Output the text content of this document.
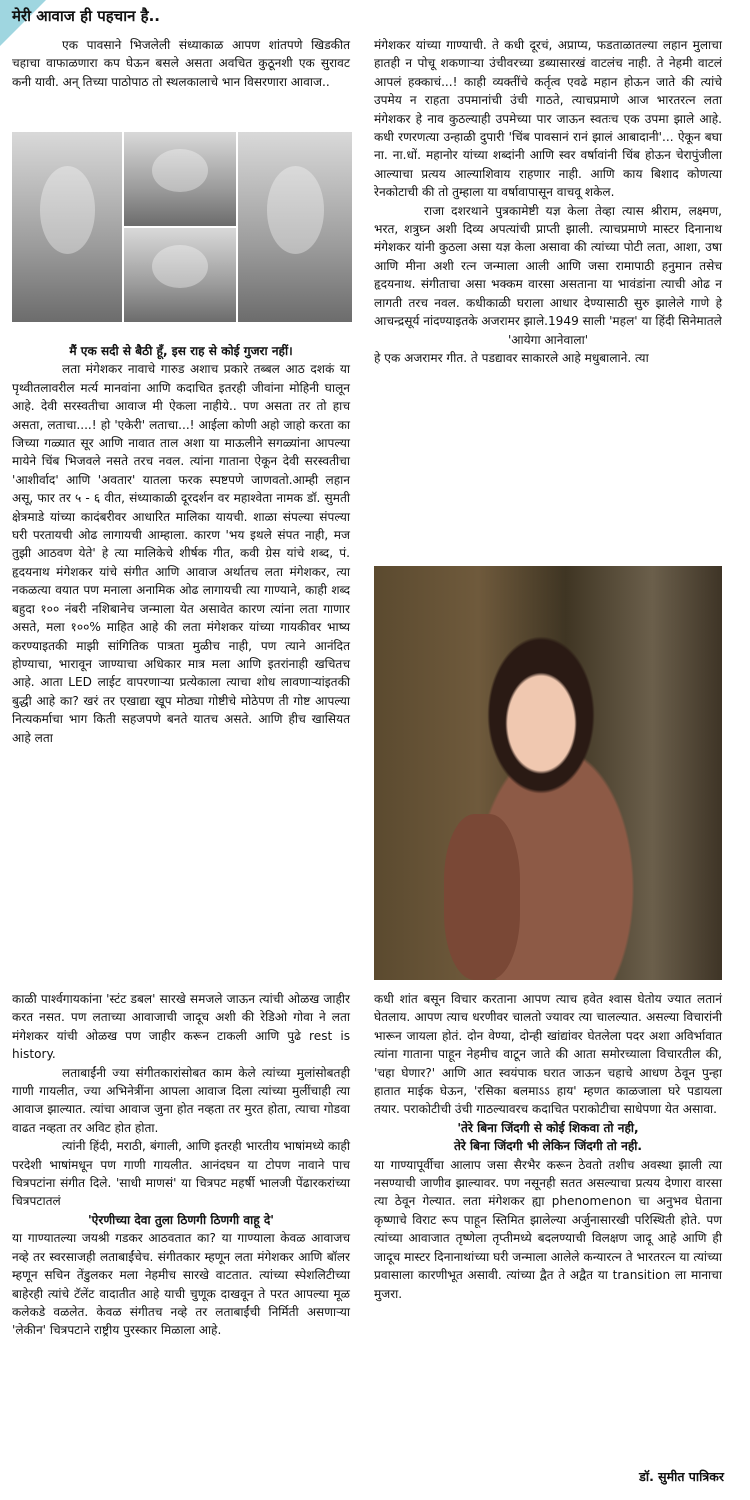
मेरी आवाज ही पहचान है..

एक पावसाने भिजलेली संध्याकाळ आपण शांतपणे खिडकीत चहाचा वाफाळणारा कप घेऊन बसले असता अवचित कुठूनशी एक सुरावट कनी यावी. अन् तिच्या पाठोपाठ तो स्थलकालाचे भान विसरणारा आवाज..

मैं एक सदी से बैठी हूँ, इस राह से कोई गुजरा नहीं।

लता मंगेशकर नावाचे गारुड अशाच प्रकारे तब्बल आठ दशकं या पृथ्वीतलावरील मर्त्य मानवांना आणि कदाचित इतरही जीवांना मोहिनी घालून आहे. देवी सरस्वतीचा आवाज मी ऐकला नाहीये.. पण असता तर तो हाच असता, लताचा....! हो 'एकेरी' लताचा...! आईला कोणी अहो जाहो करता का जिच्या गळ्यात सूर आणि नावात ताल अशा या माऊलीने सगळ्यांना आपल्या मायेने चिंब भिजवले नसते तरच नवल. त्यांना गाताना ऐकून देवी सरस्वतीचा 'आशीर्वाद' आणि 'अवतार' यातला फरक स्पष्टपणे जाणवतो.आम्ही लहान असू, फार तर ५ - ६ वीत, संध्याकाळी दूरदर्शन वर महाश्वेता नामक डॉ. सुमती क्षेत्रमाडे यांच्या कादंबरीवर आधारित मालिका यायची. शाळा संपल्या संपल्या घरी परतायची ओढ लागायची आम्हाला. कारण 'भय इथले संपत नाही, मज तुझी आठवण येते' हे त्या मालिकेचे शीर्षक गीत, कवी ग्रेस यांचे शब्द, पं. हृदयनाथ मंगेशकर यांचे संगीत आणि आवाज अर्थातच लता मंगेशकर, त्या नकळत्या वयात पण मनाला अनामिक ओढ लागायची त्या गाण्याने, काही शब्द बहुदा १०० नंबरी नशिबानेच जन्माला येत असावेत कारण त्यांना लता गाणार असते, मला १००% माहित आहे की लता मंगेशकर यांच्या गायकीवर भाष्य करण्याइतकी माझी सांगितिक पात्रता मुळीच नाही, पण त्याने आनंदित होण्याचा, भारावून जाण्याचा अधिकार मात्र मला आणि इतरांनाही खचितच आहे. आता LED लाईट वापरणाऱ्या प्रत्येकाला त्याचा शोध लावणाऱ्यांइतकी बुद्धी आहे का? खरं तर एखाद्या खूप मोठ्या गोष्टीचे मोठेपण ती गोष्ट आपल्या नित्यकर्माचा भाग किती सहजपणे बनते यातच असते. आणि हीच खासियत आहे लता

मंगेशकर यांच्या गाण्याची. ते कधी दूरचं, अप्राप्य, फडताळातल्या लहान मुलाचा हातही न पोचू शकणाऱ्या उंचीवरच्या डब्यासारखं वाटलंच नाही. ते नेहमी वाटलं आपलं हक्काचं...! काही व्यक्तींचे कर्तृत्व एवढे महान होऊन जाते की त्यांचे उपमेय न राहता उपमानांची उंची गाठते, त्याचप्रमाणे आज भारतरत्न लता मंगेशकर हे नाव कुठल्याही उपमेच्या पार जाऊन स्वतःच एक उपमा झाले आहे. कधी रणरणत्या उन्हाळी दुपारी 'चिंब पावसानं रानं झालं आबादानी'... ऐकून बघा ना. ना.धों. महानोर यांच्या शब्दांनी आणि स्वर वर्षावांनी चिंब होऊन चेरापुंजीला आल्याचा प्रत्यय आल्याशिवाय राहणार नाही. आणि काय बिशाद कोणत्या रेनकोटाची की तो तुम्हाला या वर्षावापासून वाचवू शकेल.

राजा दशरथाने पुत्रकामेष्टी यज्ञ केला तेव्हा त्यास श्रीराम, लक्ष्मण, भरत, शत्रुघ्न अशी दिव्य अपत्यांची प्राप्ती झाली. त्याचप्रमाणे मास्टर दिनानाथ मंगेशकर यांनी कुठला असा यज्ञ केला असावा की त्यांच्या पोटी लता, आशा, उषा आणि मीना अशी रत्न जन्माला आली आणि जसा रामापाठी हनुमान तसेच हृदयनाथ. संगीताचा असा भक्कम वारसा असताना या भावंडांना त्याची ओढ न लागती तरच नवल. कधीकाळी घराला आधार देण्यासाठी सुरु झालेले गाणे हे आचन्द्रसूर्य नांदण्याइतके अजरामर झाले.1949 साली 'महल' या हिंदी सिनेमातले

'आयेगा आनेवाला'

हे एक अजरामर गीत. ते पडद्यावर साकारले आहे मधुबालाने. त्या

काळी पार्श्वगायकांना 'स्टंट डबल' सारखे समजले जाऊन त्यांची ओळख जाहीर करत नसत. पण लताच्या आवाजाची जादूच अशी की रेडिओ गोवा ने लता मंगेशकर यांची ओळख पण जाहीर करून टाकली आणि पुढे rest is history.

लताबाईंनी ज्या संगीतकारांसोबत काम केले त्यांच्या मुलांसोबतही गाणी गायलीत, ज्या अभिनेत्रींना आपला आवाज दिला त्यांच्या मुलींचाही त्या आवाज झाल्यात. त्यांचा आवाज जुना होत नव्हता तर मुरत होता, त्याचा गोडवा वाढत नव्हता तर अविट होत होता.

त्यांनी हिंदी, मराठी, बंगाली, आणि इतरही भारतीय भाषांमध्ये काही परदेशी भाषांमधून पण गाणी गायलीत. आनंदघन या टोपण नावाने पाच चित्रपटांना संगीत दिले. 'साधी माणसं' या चित्रपट महर्षी भालजी पेंढारकरांच्या चित्रपटातलं

'ऐरणीच्या देवा तुला ठिणगी ठिणगी वाहू दे'

या गाण्यातल्या जयश्री गडकर आठवतात का? या गाण्याला केवळ आवाजच नव्हे तर स्वरसाजही लताबाईंचेच. संगीतकार म्हणून लता मंगेशकर आणि बॉलर म्हणून सचिन तेंडुलकर मला नेहमीच सारखे वाटतात. त्यांच्या स्पेशलिटीच्या बाहेरही त्यांचे टॅलेंट वादातीत आहे याची चुणूक दाखवून ते परत आपल्या मूळ कलेकडे वळलेत. केवळ संगीतच नव्हे तर लताबाईंची निर्मिती असणाऱ्या 'लेकीन' चित्रपटाने राष्ट्रीय पुरस्कार मिळाला आहे.

कधी शांत बसून विचार करताना आपण त्याच हवेत श्वास घेतोय ज्यात लतानं घेतलाय. आपण त्याच धरणीवर चालतो ज्यावर त्या चालल्यात. असल्या विचारांनी भारून जायला होतं. दोन वेण्या, दोन्ही खांद्यांवर घेतलेला पदर अशा अविर्भावात त्यांना गाताना पाहून नेहमीच वाटून जाते की आता समोरच्याला विचारतील की, 'चहा घेणार?' आणि आत स्वयंपाक घरात जाऊन चहाचे आधण ठेवून पुन्हा हातात माईक घेऊन, 'रसिका बलमाऽऽ हाय' म्हणत काळजाला घरे पडायला तयार. पराकोटीची उंची गाठल्यावरच कदाचित पराकोटीचा साधेपणा येत असावा.

'तेरे बिना जिंदगी से कोई शिकवा तो नही,

तेरे बिना जिंदगी भी लेकिन जिंदगी तो नही.

या गाण्यापूर्वीचा आलाप जसा सैरभैर करून ठेवतो तशीच अवस्था झाली त्या नसण्याची जाणीव झाल्यावर. पण नसूनही सतत असल्याचा प्रत्यय देणारा वारसा त्या ठेवून गेल्यात. लता मंगेशकर ह्या phenomenon चा अनुभव घेताना कृष्णाचे विराट रूप पाहून स्तिमित झालेल्या अर्जुनासारखी परिस्थिती होते. पण त्यांच्या आवाजात तृष्णेला तृप्तीमध्ये बदलण्याची विलक्षण जादू आहे आणि ही जादूच मास्टर दिनानाथांच्या घरी जन्माला आलेले कन्यारत्न ते भारतरत्न या त्यांच्या प्रवासाला कारणीभूत असावी. त्यांच्या द्वैत ते अद्वैत या transition ला मानाचा मुजरा.

डॉ. सुमीत पात्रिकर
